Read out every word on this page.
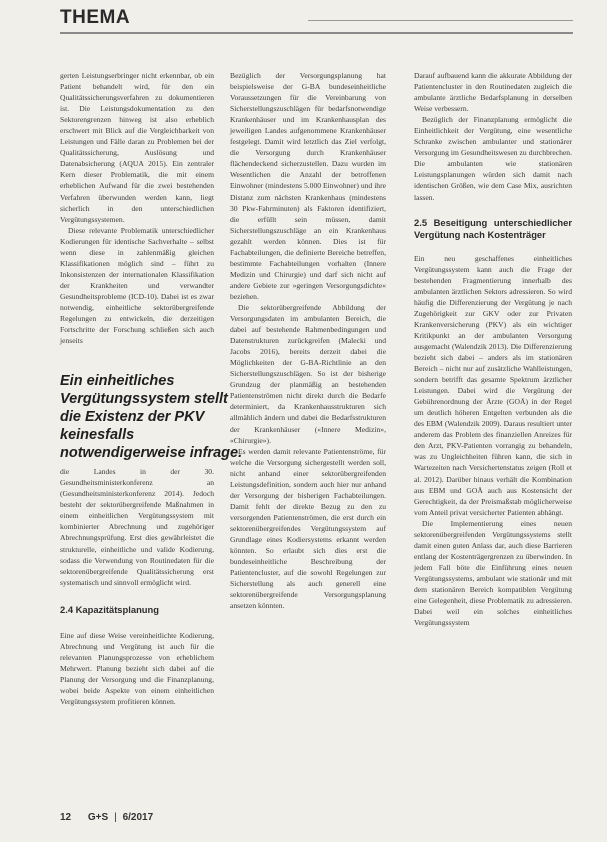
THEMA

gerten Leistungserbringer nicht erkennbar, ob ein Patient behandelt wird, für den ein Qualitätssicherungsverfahren zu dokumentieren ist. Die Leistungsdokumentation zu den Sektorengrenzen hinweg ist also erheblich erschwert mit Blick auf die Vergleichbarkeit von Leistungen und Fälle daran zu Problemen bei der Qualitätssicherung, Auslösung und Datenabsicherung (AQUA 2015). Ein zentraler Kern dieser Problematik, die mit einem erheblichen Aufwand für die zwei bestehenden Verfahren überwunden werden kann, liegt sicherlich in den unterschiedlichen Vergütungssystemen.

Diese relevante Problematik unterschiedlicher Kodierungen für identische Sachverhalte – selbst wenn diese in zahlenmäßig gleichen Klassifikationen möglich sind – führt zu Inkonsistenzen der internationalen Klassifikation der Krankheiten und verwandter Gesundheitsprobleme (ICD-10). Dabei ist es zwar notwendig, einheitliche sektorübergreifende Regelungen zu entwickeln, die derzeitigen Fortschritte der Forschung schließen sich auch jenseits

die Landes in der 30. Gesundheitsministerkonferenz an (Gesundheitsministerkonferenz 2014). Jedoch besteht der sektorübergreifende Maßnahmen in einem einheitlichen Vergütungssystem mit kombinierter Abrechnung und zugehöriger Abrechnungsprüfung. Erst dies gewährleistet die strukturelle, einheitliche und valide Kodierung, sodass die Verwendung von Routinedaten für die sektorenübergreifende Qualitätssicherung erst systematisch und sinnvoll ermöglicht wird.

2.4 Kapazitätsplanung

Eine auf diese Weise vereinheitlichte Kodierung, Abrechnung und Vergütung ist auch für die relevanten Planungsprozesse von erheblichem Mehrwert. Planung bezieht sich dabei auf die Planung der Versorgung und die Finanzplanung, wobei beide Aspekte von einem einheitlichen Vergütungssystem profitieren können.

Ein einheitliches Vergütungssystem stellt die Existenz der PKV keinesfalls notwendigerweise infrage.

Bezüglich der Versorgungsplanung hat beispielsweise der G-BA bundeseinheitliche Voraussetzungen für die Vereinbarung von Sicherstellungszuschlägen für bedarfsnotwendige Krankenhäuser und im Krankenhausplan des jeweiligen Landes aufgenommene Krankenhäuser festgelegt. Damit wird letztlich das Ziel verfolgt, die Versorgung durch Krankenhäuser flächendeckend sicherzustellen. Dazu wurden im Wesentlichen die Anzahl der betroffenen Einwohner (mindestens 5.000 Einwohner) und ihre Distanz zum nächsten Krankenhaus (mindestens 30 Pkw-Fahrminuten) als Faktoren identifiziert, die erfüllt sein müssen, damit Sicherstellungszuschläge an ein Krankenhaus gezahlt werden können. Dies ist für Fachabteilungen, die definierte Bereiche betreffen, bestimmte Fachabteilungen vorhalten (Innere Medizin und Chirurgie) und darf sich nicht auf andere Gebiete zur »geringen Versorgungsdichte« beziehen.

Die sektorübergreifende Abbildung der Versorgungsdaten im ambulanten Bereich, die dabei auf bestehende Rahmenbedingungen und Datenstrukturen zurückgreifen (Malecki und Jacobs 2016), bereits derzeit dabei die Möglichkeiten der G-BA-Richtlinie an den Sicherstellungszuschlägen. So ist der bisherige Grundzug der planmäßig an bestehenden Patientenströmen nicht direkt durch die Bedarfe determiniert, da Krankenhausstrukturen sich allmählich ändern und dabei die Bedarfsstrukturen der Krankenhäuser («Innere Medizin», «Chirurgie»).

Es werden damit relevante Patientenströme, für welche die Versorgung sichergestellt werden soll, nicht anhand einer sektorübergreifenden Leistungsdefinition, sondern auch hier nur anhand der Versorgung der bisherigen Fachabteilungen. Damit fehlt der direkte Bezug zu den zu versorgenden Patientenströmen, die erst durch ein sektorenübergreifendes Vergütungssystem auf Grundlage eines Kodiersystems erkannt werden könnten. So erlaubt sich dies erst die bundeseinheitliche Beschreibung der Patientencluster, auf die sowohl Regelungen zur Sicherstellung als auch generell eine sektorenübergreifende Versorgungsplanung ansetzen könnten.

Darauf aufbauend kann die akkurate Abbildung der Patientencluster in den Routinedaten zugleich die ambulante ärztliche Bedarfsplanung in derselben Weise verbessern.

Bezüglich der Finanzplanung ermöglicht die Einheitlichkeit der Vergütung, eine wesentliche Schranke zwischen ambulanter und stationärer Versorgung im Gesundheitswesen zu durchbrechen. Die ambulanten wie stationären Leistungsplanungen würden sich damit nach identischen Größen, wie dem Case Mix, ausrichten lassen.

2.5 Beseitigung unterschiedlicher Vergütung nach Kostenträger

Ein neu geschaffenes einheitliches Vergütungssystem kann auch die Frage der bestehenden Fragmentierung innerhalb des ambulanten ärztlichen Sektors adressieren. So wird häufig die Differenzierung der Vergütung je nach Zugehörigkeit zur GKV oder zur Privaten Krankenversicherung (PKV) als ein wichtiger Kritikpunkt an der ambulanten Versorgung ausgemacht (Walendzik 2013). Die Differenzierung bezieht sich dabei – anders als im stationären Bereich – nicht nur auf zusätzliche Wahlleistungen, sondern betrifft das gesamte Spektrum ärztlicher Leistungen. Dabei wird die Vergütung der Gebührenordnung der Ärzte (GOÄ) in der Regel um deutlich höheren Entgelten verbunden als die des EBM (Walendzik 2009). Daraus resultiert unter anderem das Problem des finanziellen Anreizes für den Arzt, PKV-Patienten vorrangig zu behandeln, was zu Ungleichheiten führen kann, die sich in Wartezeiten nach Versichertenstatus zeigen (Roll et al. 2012). Darüber hinaus verhält die Kombination aus EBM und GOÄ auch aus Kostensicht der Gerechtigkeit, da der Preismaßstab möglicherweise vom Anteil privat versicherter Patienten abhängt.

Die Implementierung eines neuen sektorenübergreifenden Vergütungssystems stellt damit einen guten Anlass dar, auch diese Barrieren entlang der Kostenträgergrenzen zu überwinden. In jedem Fall böte die Einführung eines neuen Vergütungssystems, ambulant wie stationär und mit dem stationären Bereich kompatiblen Vergütung eine Gelegenheit, diese Problematik zu adressieren. Dabei weil ein solches einheitliches Vergütungssystem

12 G+S | 6/2017
